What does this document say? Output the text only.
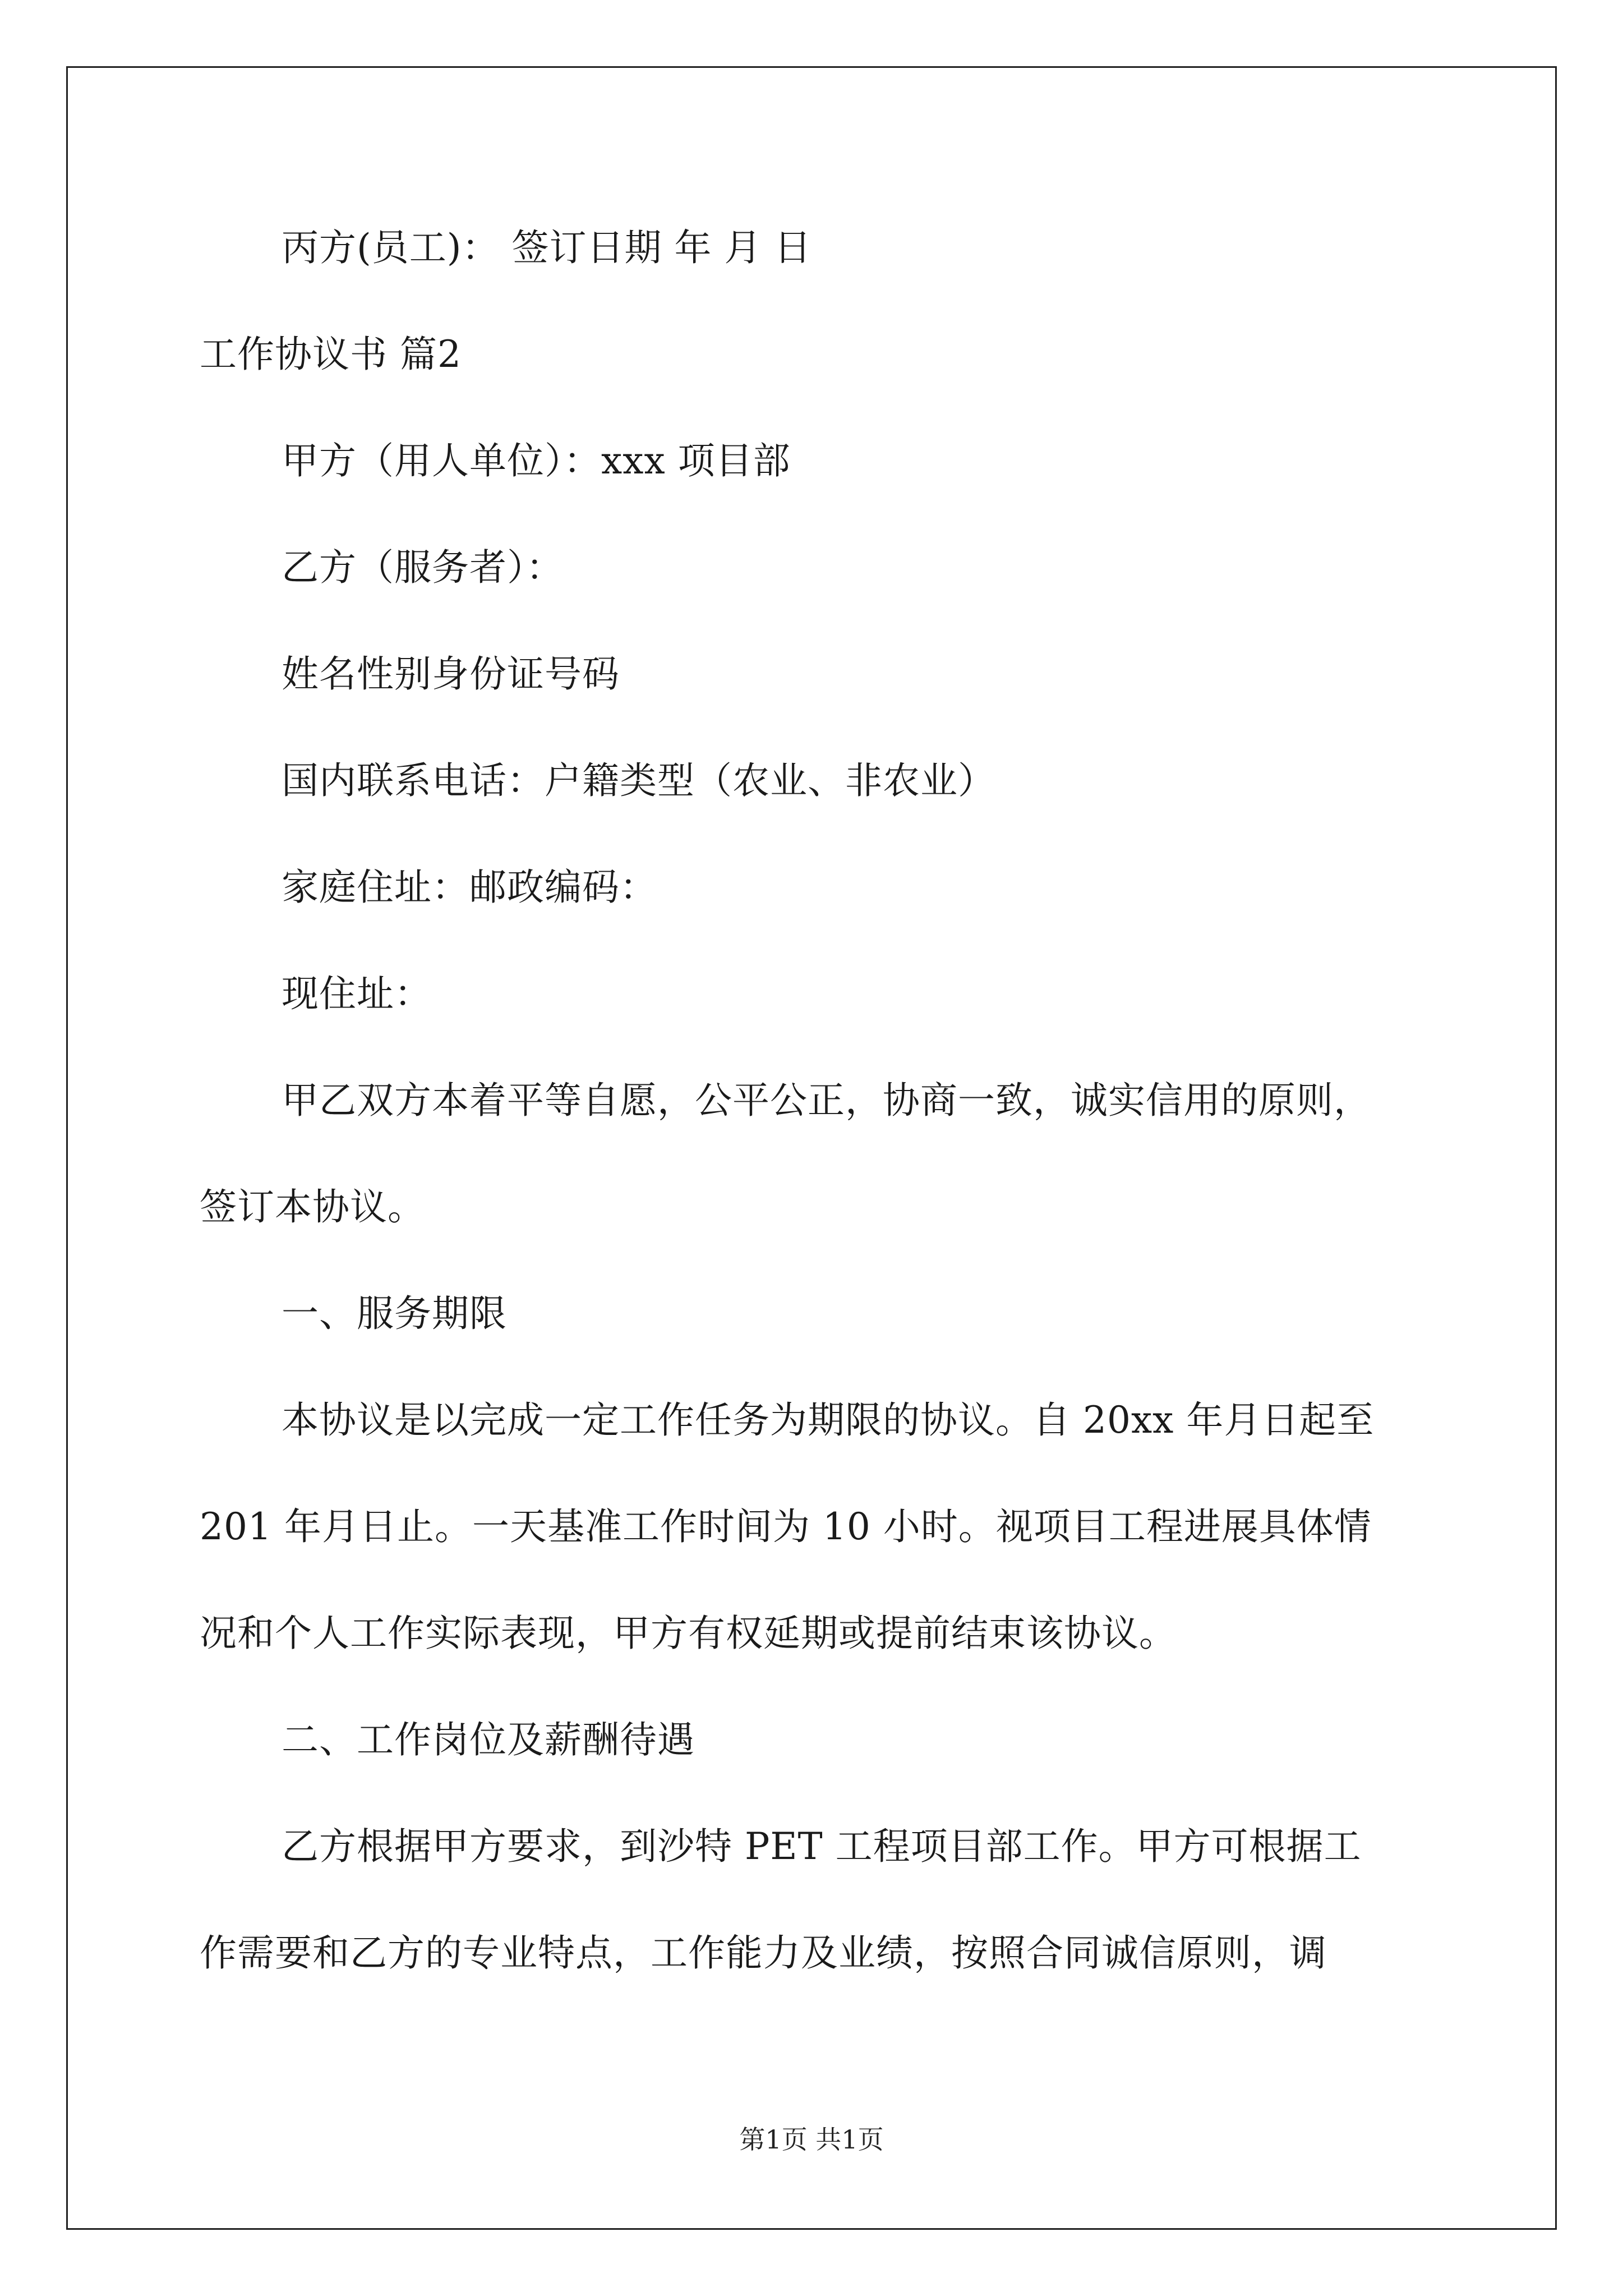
丙方(员工)： 签订日期 年 月 日
工作协议书 篇2
甲方（用人单位）：xxx 项目部
乙方（服务者）：
姓名性别身份证号码
国内联系电话：户籍类型（农业、非农业）
家庭住址：邮政编码：
现住址：
甲乙双方本着平等自愿，公平公正，协商一致，诚实信用的原则，
签订本协议。
一、服务期限
本协议是以完成一定工作任务为期限的协议。自 20xx 年月日起至
201 年月日止。一天基准工作时间为 10 小时。视项目工程进展具体情
况和个人工作实际表现，甲方有权延期或提前结束该协议。
二、工作岗位及薪酬待遇
乙方根据甲方要求，到沙特 PET 工程项目部工作。甲方可根据工
作需要和乙方的专业特点，工作能力及业绩，按照合同诚信原则，调
第1页 共1页
